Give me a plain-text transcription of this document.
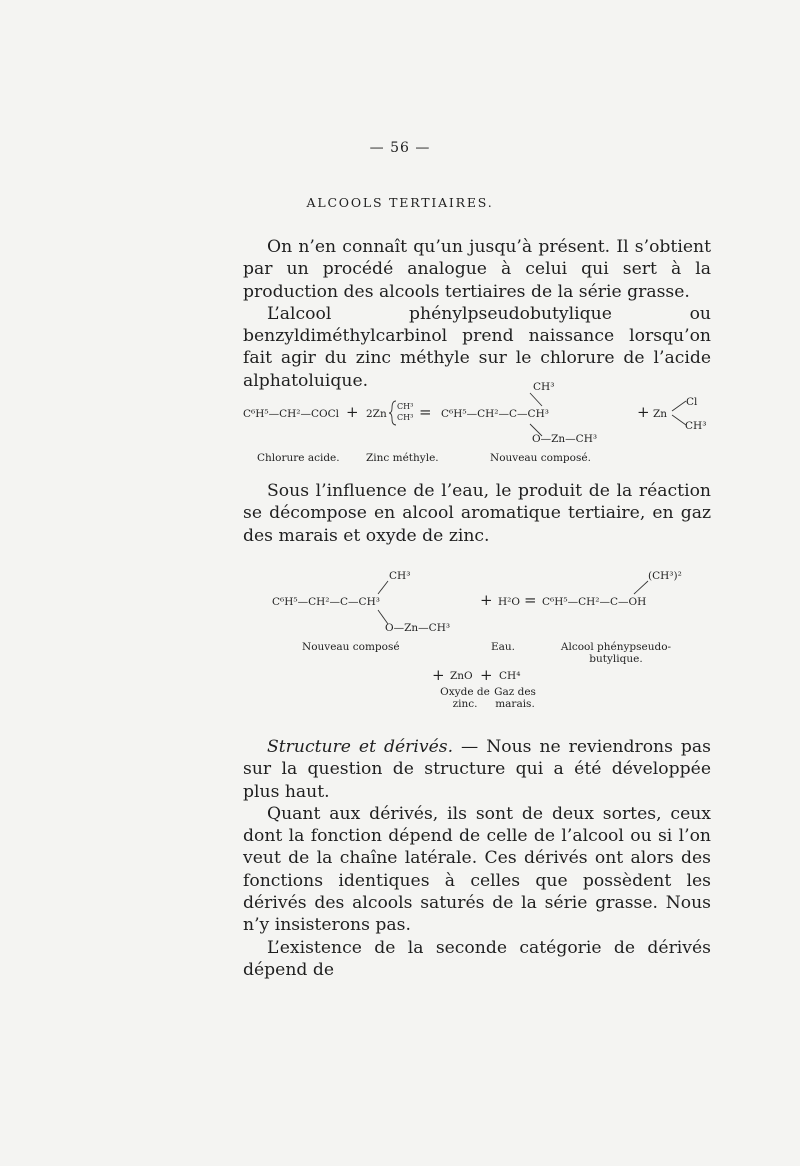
— 56 —
ALCOOLS TERTIAIRES.

On n’en connaît qu’un jusqu’à présent. Il s’obtient par un procédé analogue à celui qui sert à la production des alcools tertiaires de la série grasse.
L’alcool phénylpseudobutylique ou benzyldiméthylcarbinol prend naissance lorsqu’on fait agir du zinc méthyle sur le chlorure de l’acide alphatoluique.

C⁶H⁵—CH²—COCl + 2Zn
CH³
CH³ =
CH³
C⁶H⁵—CH²—C—CH³
O—Zn—CH³
+ Zn
Cl
CH³
Chlorure acide.	Zinc méthyle.	Nouveau composé.

Sous l’influence de l’eau, le produit de la réaction se décompose en alcool aromatique tertiaire, en gaz des marais et oxyde de zinc.

CH³
C⁶H⁵—CH²—C—CH³
O—Zn—CH³
+ H²O =
(CH³)²
C⁶H⁵—CH²—C—OH
Nouveau composé	Eau.	Alcool phénypseudo-butylique.
+ ZnO + CH⁴
Oxyde de zinc.
Gaz des marais.

Structure et dérivés. — Nous ne reviendrons pas sur la question de structure qui a été développée plus haut.
Quant aux dérivés, ils sont de deux sortes, ceux dont la fonction dépend de celle de l’alcool ou si l’on veut de la chaîne latérale. Ces dérivés ont alors des fonctions identiques à celles que possèdent les dérivés des alcools saturés de la série grasse. Nous n’y insisterons pas.
L’existence de la seconde catégorie de dérivés dépend de
